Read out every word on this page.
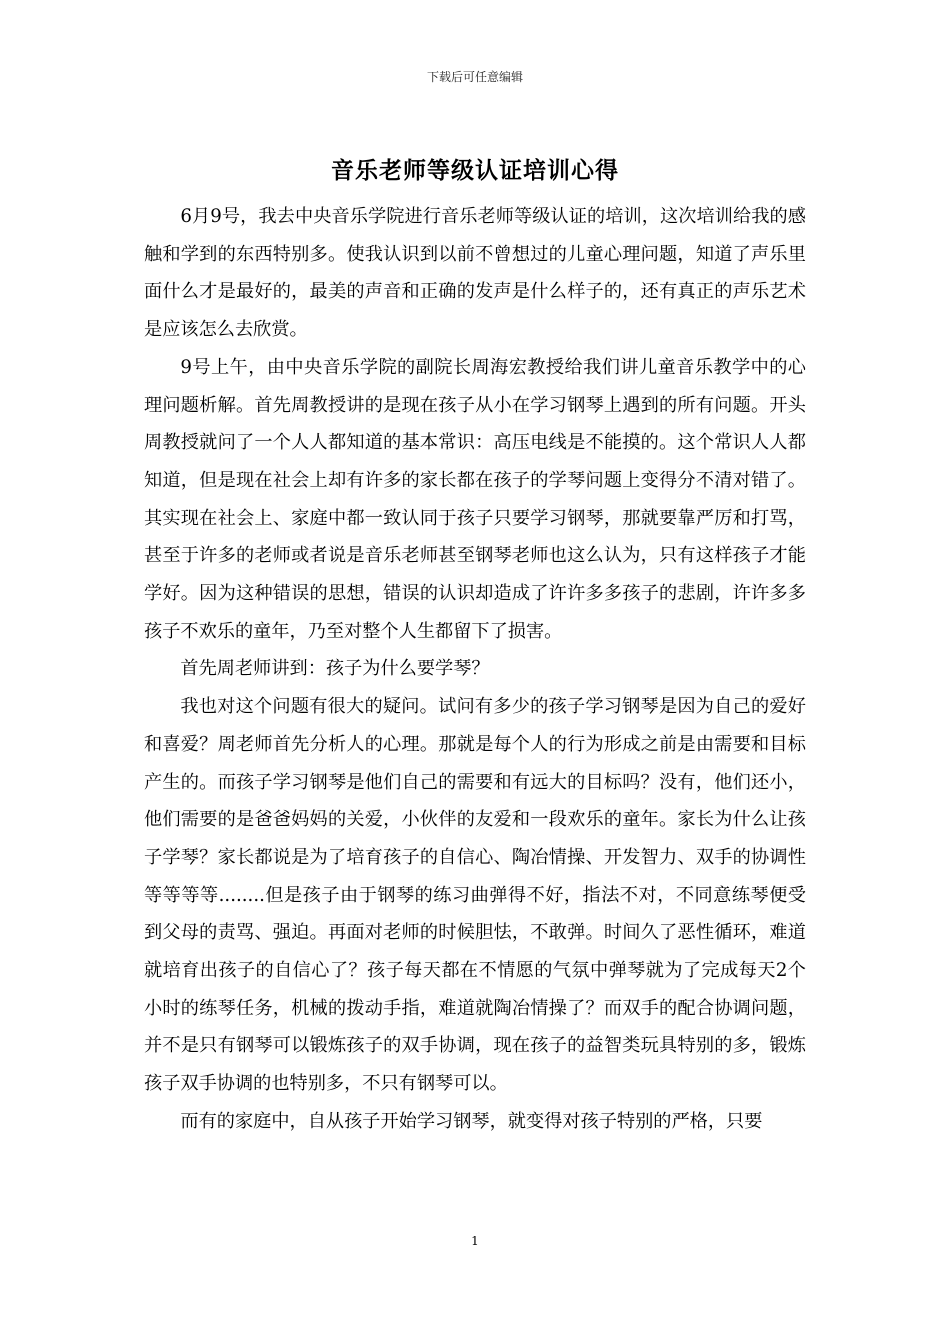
下载后可任意编辑
音乐老师等级认证培训心得

6月9号，我去中央音乐学院进行音乐老师等级认证的培训，这次培训给我的感触和学到的东西特别多。使我认识到以前不曾想过的儿童心理问题，知道了声乐里面什么才是最好的，最美的声音和正确的发声是什么样子的，还有真正的声乐艺术是应该怎么去欣赏。

9号上午，由中央音乐学院的副院长周海宏教授给我们讲儿童音乐教学中的心理问题析解。首先周教授讲的是现在孩子从小在学习钢琴上遇到的所有问题。开头周教授就问了一个人人都知道的基本常识：高压电线是不能摸的。这个常识人人都知道，但是现在社会上却有许多的家长都在孩子的学琴问题上变得分不清对错了。其实现在社会上、家庭中都一致认同于孩子只要学习钢琴，那就要靠严厉和打骂，甚至于许多的老师或者说是音乐老师甚至钢琴老师也这么认为，只有这样孩子才能学好。因为这种错误的思想，错误的认识却造成了许许多多孩子的悲剧，许许多多孩子不欢乐的童年，乃至对整个人生都留下了损害。

首先周老师讲到：孩子为什么要学琴？

我也对这个问题有很大的疑问。试问有多少的孩子学习钢琴是因为自己的爱好和喜爱？周老师首先分析人的心理。那就是每个人的行为形成之前是由需要和目标产生的。而孩子学习钢琴是他们自己的需要和有远大的目标吗？没有，他们还小，他们需要的是爸爸妈妈的关爱，小伙伴的友爱和一段欢乐的童年。家长为什么让孩子学琴？家长都说是为了培育孩子的自信心、陶冶情操、开发智力、双手的协调性等等等等........但是孩子由于钢琴的练习曲弹得不好，指法不对，不同意练琴便受到父母的责骂、强迫。再面对老师的时候胆怯，不敢弹。时间久了恶性循环，难道就培育出孩子的自信心了？孩子每天都在不情愿的气氛中弹琴就为了完成每天2个小时的练琴任务，机械的拨动手指，难道就陶冶情操了？而双手的配合协调问题，并不是只有钢琴可以锻炼孩子的双手协调，现在孩子的益智类玩具特别的多，锻炼孩子双手协调的也特别多，不只有钢琴可以。

而有的家庭中，自从孩子开始学习钢琴，就变得对孩子特别的严格，只要

1
